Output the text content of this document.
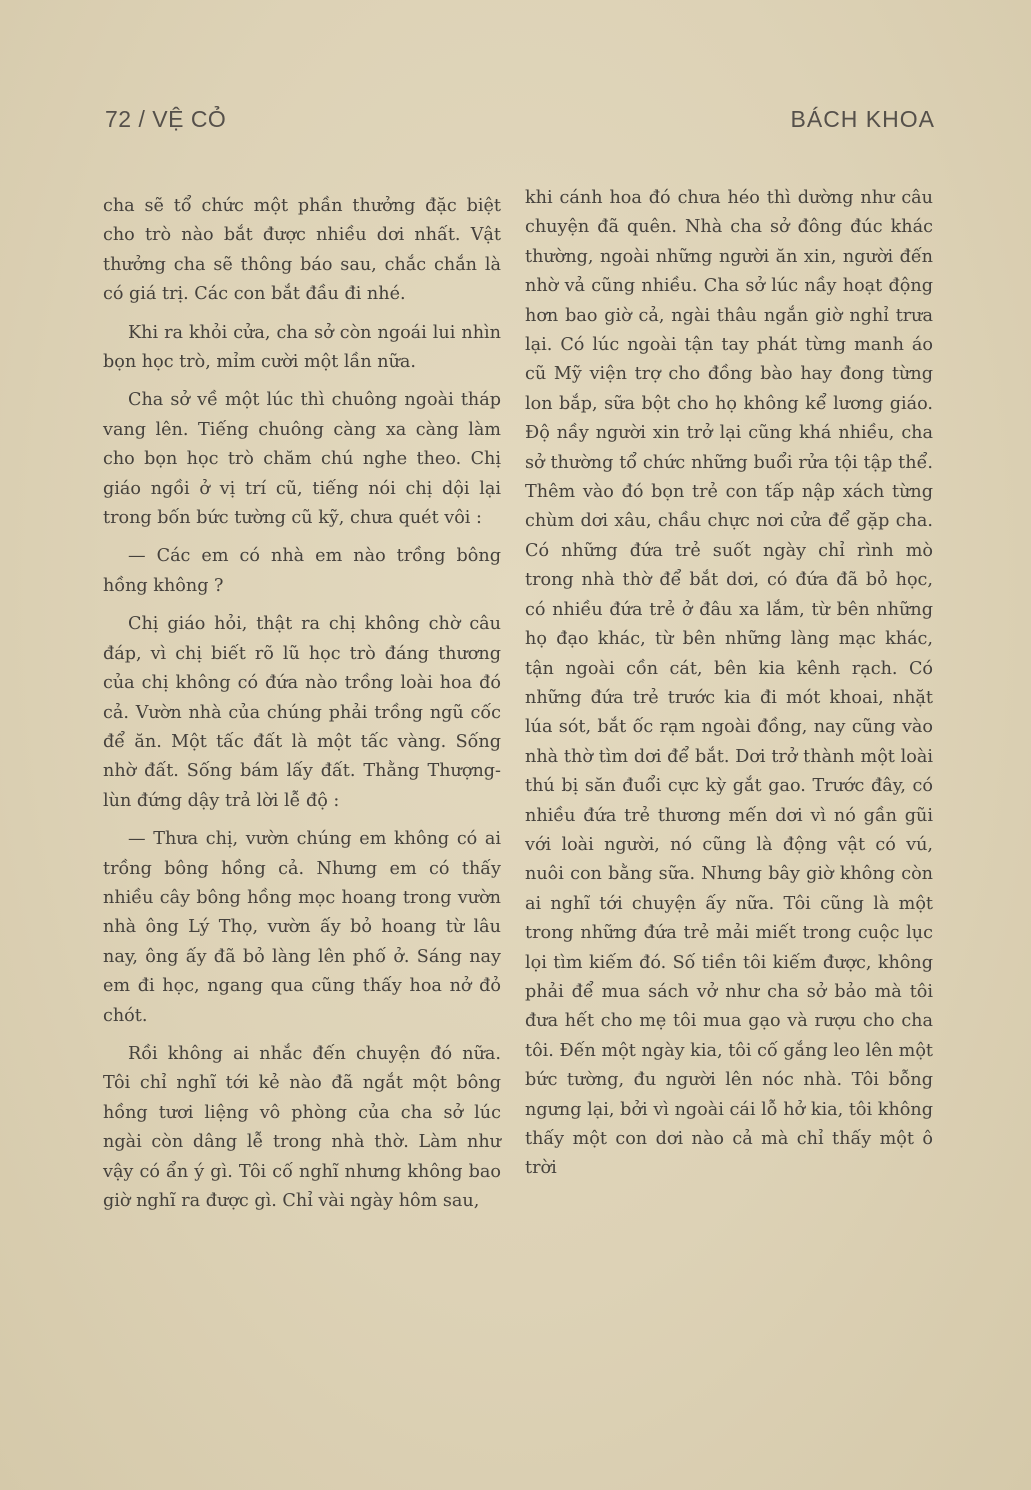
72 / VỆ CỎ	BÁCH KHOA

cha sẽ tổ chức một phần thưởng đặc biệt cho trò nào bắt được nhiều dơi nhất. Vật thưởng cha sẽ thông báo sau, chắc chắn là có giá trị. Các con bắt đầu đi nhé.

Khi ra khỏi cửa, cha sở còn ngoái lui nhìn bọn học trò, mỉm cười một lần nữa.

Cha sở về một lúc thì chuông ngoài tháp vang lên. Tiếng chuông càng xa càng làm cho bọn học trò chăm chú nghe theo. Chị giáo ngồi ở vị trí cũ, tiếng nói chị dội lại trong bốn bức tường cũ kỹ, chưa quét vôi :

— Các em có nhà em nào trồng bông hồng không ?

Chị giáo hỏi, thật ra chị không chờ câu đáp, vì chị biết rõ lũ học trò đáng thương của chị không có đứa nào trồng loài hoa đó cả. Vườn nhà của chúng phải trồng ngũ cốc để ăn. Một tấc đất là một tấc vàng. Sống nhờ đất. Sống bám lấy đất. Thằng Thượng-lùn đứng dậy trả lời lễ độ :

— Thưa chị, vườn chúng em không có ai trồng bông hồng cả. Nhưng em có thấy nhiều cây bông hồng mọc hoang trong vườn nhà ông Lý Thọ, vườn ấy bỏ hoang từ lâu nay, ông ấy đã bỏ làng lên phố ở. Sáng nay em đi học, ngang qua cũng thấy hoa nở đỏ chót.

Rồi không ai nhắc đến chuyện đó nữa. Tôi chỉ nghĩ tới kẻ nào đã ngắt một bông hồng tươi liệng vô phòng của cha sở lúc ngài còn dâng lễ trong nhà thờ. Làm như vậy có ẩn ý gì. Tôi cố nghĩ nhưng không bao giờ nghĩ ra được gì. Chỉ vài ngày hôm sau,

khi cánh hoa đó chưa héo thì dường như câu chuyện đã quên. Nhà cha sở đông đúc khác thường, ngoài những người ăn xin, người đến nhờ vả cũng nhiều. Cha sở lúc nầy hoạt động hơn bao giờ cả, ngài thâu ngắn giờ nghỉ trưa lại. Có lúc ngoài tận tay phát từng manh áo cũ Mỹ viện trợ cho đồng bào hay đong từng lon bắp, sữa bột cho họ không kể lương giáo. Độ nầy người xin trở lại cũng khá nhiều, cha sở thường tổ chức những buổi rửa tội tập thể. Thêm vào đó bọn trẻ con tấp nập xách từng chùm dơi xâu, chầu chực nơi cửa để gặp cha. Có những đứa trẻ suốt ngày chỉ rình mò trong nhà thờ để bắt dơi, có đứa đã bỏ học, có nhiều đứa trẻ ở đâu xa lắm, từ bên những họ đạo khác, từ bên những làng mạc khác, tận ngoài cồn cát, bên kia kênh rạch. Có những đứa trẻ trước kia đi mót khoai, nhặt lúa sót, bắt ốc rạm ngoài đồng, nay cũng vào nhà thờ tìm dơi để bắt. Dơi trở thành một loài thú bị săn đuổi cực kỳ gắt gao. Trước đây, có nhiều đứa trẻ thương mến dơi vì nó gần gũi với loài người, nó cũng là động vật có vú, nuôi con bằng sữa. Nhưng bây giờ không còn ai nghĩ tới chuyện ấy nữa. Tôi cũng là một trong những đứa trẻ mải miết trong cuộc lục lọi tìm kiếm đó. Số tiền tôi kiếm được, không phải để mua sách vở như cha sở bảo mà tôi đưa hết cho mẹ tôi mua gạo và rượu cho cha tôi. Đến một ngày kia, tôi cố gắng leo lên một bức tường, đu người lên nóc nhà. Tôi bỗng ngưng lại, bởi vì ngoài cái lỗ hở kia, tôi không thấy một con dơi nào cả mà chỉ thấy một ô trời
